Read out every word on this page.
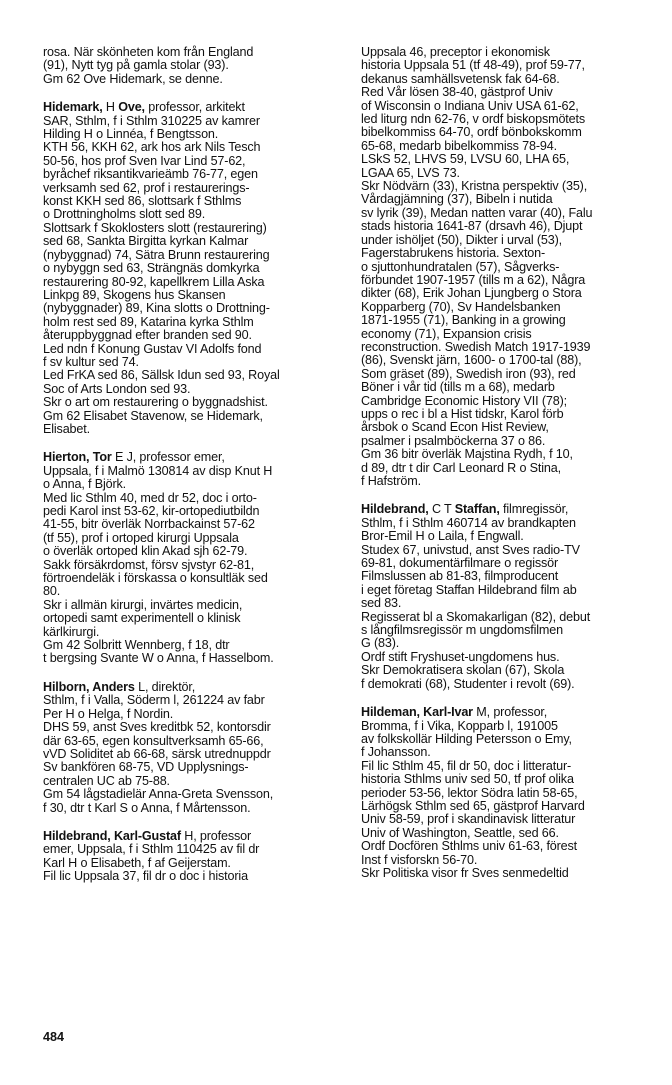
rosa. När skönheten kom från England
(91), Nytt tyg på gamla stolar (93).
Gm 62 Ove Hidemark, se denne.
Hidemark, H Ove, professor, arkitekt
SAR, Sthlm, f i Sthlm 310225 av kamrer
Hilding H o Linnéa, f Bengtsson.
KTH 56, KKH 62, ark hos ark Nils Tesch
50-56, hos prof Sven Ivar Lind 57-62,
byråchef riksantikvarieämb 76-77, egen
verksamh sed 62, prof i restaurerings-
konst KKH sed 86, slottsark f Sthlms
o Drottningholms slott sed 89.
Slottsark f Skoklosters slott (restaurering)
sed 68, Sankta Birgitta kyrkan Kalmar
(nybyggnad) 74, Sätra Brunn restaurering
o nybyggn sed 63, Strängnäs domkyrka
restaurering 80-92, kapellkrem Lilla Aska
Linkpg 89, Skogens hus Skansen
(nybyggnader) 89, Kina slotts o Drottning-
holm rest sed 89, Katarina kyrka Sthlm
återuppbyggnad efter branden sed 90.
Led ndn f Konung Gustav VI Adolfs fond
f sv kultur sed 74.
Led FrKA sed 86, Sällsk Idun sed 93, Royal
Soc of Arts London sed 93.
Skr o art om restaurering o byggnadshist.
Gm 62 Elisabet Stavenow, se Hidemark,
Elisabet.
Hierton, Tor E J, professor emer,
Uppsala, f i Malmö 130814 av disp Knut H
o Anna, f Björk.
Med lic Sthlm 40, med dr 52, doc i orto-
pedi Karol inst 53-62, kir-ortopediutbildn
41-55, bitr överläk Norrbackainst 57-62
(tf 55), prof i ortoped kirurgi Uppsala
o överläk ortoped klin Akad sjh 62-79.
Sakk försäkrdomst, försv sjvstyr 62-81,
förtroendeläk i förskassa o konsultläk sed
80.
Skr i allmän kirurgi, invärtes medicin,
ortopedi samt experimentell o klinisk
kärlkirurgi.
Gm 42 Solbritt Wennberg, f 18, dtr
t bergsing Svante W o Anna, f Hasselbom.
Hilborn, Anders L, direktör,
Sthlm, f i Valla, Söderm l, 261224 av fabr
Per H o Helga, f Nordin.
DHS 59, anst Sves kreditbk 52, kontorsdir
där 63-65, egen konsultverksamh 65-66,
vVD Soliditet ab 66-68, särsk utrednuppdr
Sv bankfören 68-75, VD Upplysnings-
centralen UC ab 75-88.
Gm 54 lågstadielär Anna-Greta Svensson,
f 30, dtr t Karl S o Anna, f Mårtensson.
Hildebrand, Karl-Gustaf H, professor
emer, Uppsala, f i Sthlm 110425 av fil dr
Karl H o Elisabeth, f af Geijerstam.
Fil lic Uppsala 37, fil dr o doc i historia
Uppsala 46, preceptor i ekonomisk
historia Uppsala 51 (tf 48-49), prof 59-77,
dekanus samhällsvetensk fak 64-68.
Red Vår lösen 38-40, gästprof Univ
of Wisconsin o Indiana Univ USA 61-62,
led liturg ndn 62-76, v ordf biskopsmötets
bibelkommiss 64-70, ordf bönbokskomm
65-68, medarb bibelkommiss 78-94.
LSkS 52, LHVS 59, LVSU 60, LHA 65,
LGAA 65, LVS 73.
Skr Nödvärn (33), Kristna perspektiv (35),
Vårdagjämning (37), Bibeln i nutida
sv lyrik (39), Medan natten varar (40), Falu
stads historia 1641-87 (drsavh 46), Djupt
under ishöljet (50), Dikter i urval (53),
Fagerstabrukens historia. Sexton-
o sjuttonhundratalen (57), Sågverks-
förbundet 1907-1957 (tills m a 62), Några
dikter (68), Erik Johan Ljungberg o Stora
Kopparberg (70), Sv Handelsbanken
1871-1955 (71), Banking in a growing
economy (71), Expansion crisis
reconstruction. Swedish Match 1917-1939
(86), Svenskt järn, 1600- o 1700-tal (88),
Som gräset (89), Swedish iron (93), red
Böner i vår tid (tills m a 68), medarb
Cambridge Economic History VII (78);
upps o rec i bl a Hist tidskr, Karol förb
årsbok o Scand Econ Hist Review,
psalmer i psalmböckerna 37 o 86.
Gm 36 bitr överläk Majstina Rydh, f 10,
d 89, dtr t dir Carl Leonard R o Stina,
f Hafström.
Hildebrand, C T Staffan, filmregissör,
Sthlm, f i Sthlm 460714 av brandkapten
Bror-Emil H o Laila, f Engwall.
Studex 67, univstud, anst Sves radio-TV
69-81, dokumentärfilmare o regissör
Filmslussen ab 81-83, filmproducent
i eget företag Staffan Hildebrand film ab
sed 83.
Regisserat bl a Skomakarligan (82), debut
s långfilmsregissör m ungdomsfilmen
G (83).
Ordf stift Fryshuset-ungdomens hus.
Skr Demokratisera skolan (67), Skola
f demokrati (68), Studenter i revolt (69).
Hildeman, Karl-Ivar M, professor,
Bromma, f i Vika, Kopparb l, 191005
av folkskollär Hilding Petersson o Emy,
f Johansson.
Fil lic Sthlm 45, fil dr 50, doc i litteratur-
historia Sthlms univ sed 50, tf prof olika
perioder 53-56, lektor Södra latin 58-65,
Lärhögsk Sthlm sed 65, gästprof Harvard
Univ 58-59, prof i skandinavisk litteratur
Univ of Washington, Seattle, sed 66.
Ordf Docfören Sthlms univ 61-63, förest
Inst f visforskn 56-70.
Skr Politiska visor fr Sves senmedeltid
484
